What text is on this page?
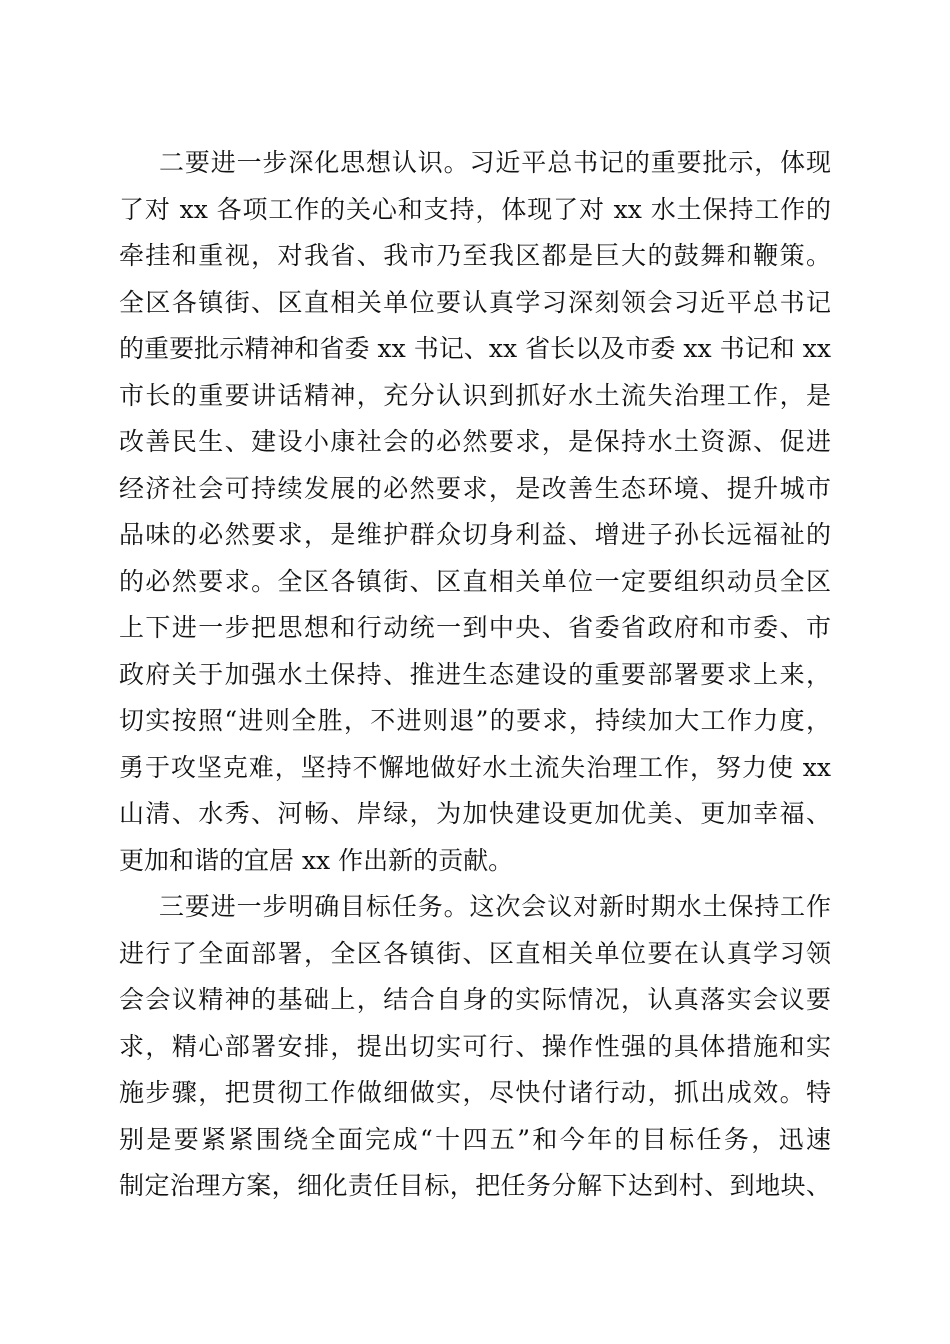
二要进一步深化思想认识。习近平总书记的重要批示，体现
了对 xx 各项工作的关心和支持，体现了对 xx 水土保持工作的
牵挂和重视，对我省、我市乃至我区都是巨大的鼓舞和鞭策。
全区各镇街、区直相关单位要认真学习深刻领会习近平总书记
的重要批示精神和省委 xx 书记、xx 省长以及市委 xx 书记和 xx
市长的重要讲话精神，充分认识到抓好水土流失治理工作，是
改善民生、建设小康社会的必然要求，是保持水土资源、促进
经济社会可持续发展的必然要求，是改善生态环境、提升城市
品味的必然要求，是维护群众切身利益、增进子孙长远福祉的
的必然要求。全区各镇街、区直相关单位一定要组织动员全区
上下进一步把思想和行动统一到中央、省委省政府和市委、市
政府关于加强水土保持、推进生态建设的重要部署要求上来，
切实按照“进则全胜，不进则退”的要求，持续加大工作力度，
勇于攻坚克难，坚持不懈地做好水土流失治理工作，努力使 xx
山清、水秀、河畅、岸绿，为加快建设更加优美、更加幸福、
更加和谐的宜居 xx 作出新的贡献。
三要进一步明确目标任务。这次会议对新时期水土保持工作
进行了全面部署，全区各镇街、区直相关单位要在认真学习领
会会议精神的基础上，结合自身的实际情况，认真落实会议要
求，精心部署安排，提出切实可行、操作性强的具体措施和实
施步骤，把贯彻工作做细做实，尽快付诸行动，抓出成效。特
别是要紧紧围绕全面完成“十四五”和今年的目标任务，迅速
制定治理方案，细化责任目标，把任务分解下达到村、到地块、
